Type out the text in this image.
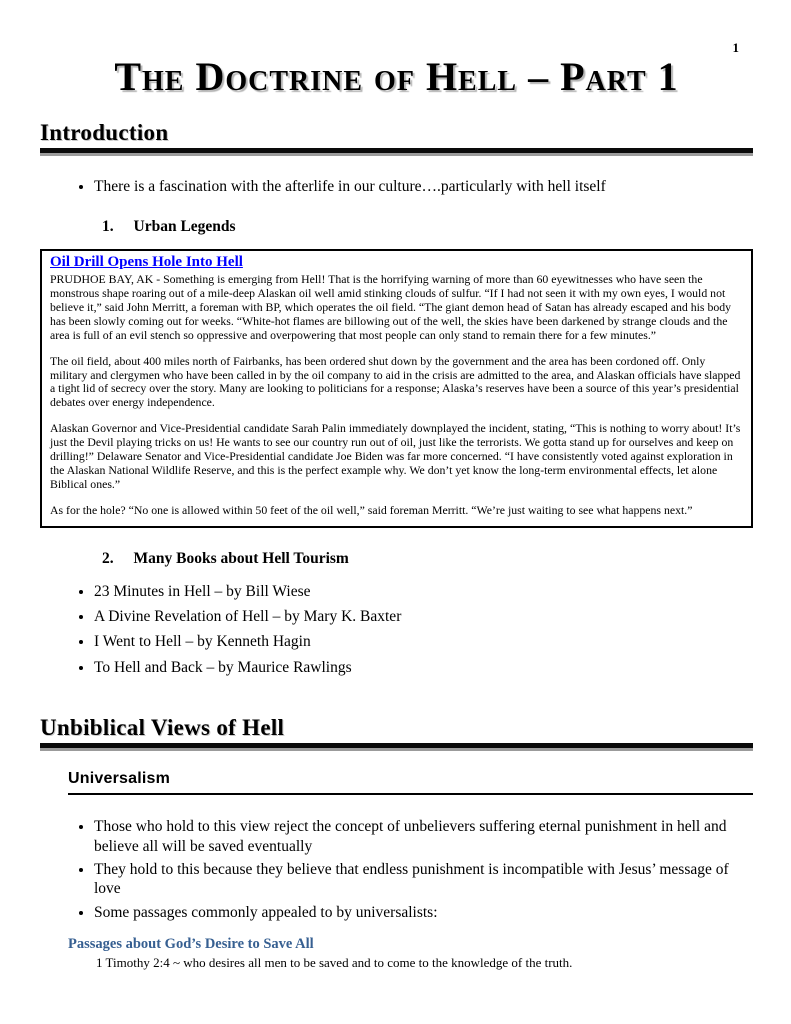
1
The Doctrine of Hell – Part 1
Introduction
• There is a fascination with the afterlife in our culture….particularly with hell itself
1. Urban Legends
Oil Drill Opens Hole Into Hell

PRUDHOE BAY, AK - Something is emerging from Hell! That is the horrifying warning of more than 60 eyewitnesses who have seen the monstrous shape roaring out of a mile-deep Alaskan oil well amid stinking clouds of sulfur. “If I had not seen it with my own eyes, I would not believe it,” said John Merritt, a foreman with BP, which operates the oil field. “The giant demon head of Satan has already escaped and his body has been slowly coming out for weeks. “White-hot flames are billowing out of the well, the skies have been darkened by strange clouds and the area is full of an evil stench so oppressive and overpowering that most people can only stand to remain there for a few minutes.”

The oil field, about 400 miles north of Fairbanks, has been ordered shut down by the government and the area has been cordoned off. Only military and clergymen who have been called in by the oil company to aid in the crisis are admitted to the area, and Alaskan officials have slapped a tight lid of secrecy over the story. Many are looking to politicians for a response; Alaska’s reserves have been a source of this year’s presidential debates over energy independence.

Alaskan Governor and Vice-Presidential candidate Sarah Palin immediately downplayed the incident, stating, “This is nothing to worry about! It’s just the Devil playing tricks on us! He wants to see our country run out of oil, just like the terrorists. We gotta stand up for ourselves and keep on drilling!” Delaware Senator and Vice-Presidential candidate Joe Biden was far more concerned. “I have consistently voted against exploration in the Alaskan National Wildlife Reserve, and this is the perfect example why. We don’t yet know the long-term environmental effects, let alone Biblical ones.”

As for the hole? “No one is allowed within 50 feet of the oil well,” said foreman Merritt. “We’re just waiting to see what happens next.”

2. Many Books about Hell Tourism
• 23 Minutes in Hell – by Bill Wiese
• A Divine Revelation of Hell – by Mary K. Baxter
• I Went to Hell – by Kenneth Hagin
• To Hell and Back – by Maurice Rawlings
Unbiblical Views of Hell
Universalism
• Those who hold to this view reject the concept of unbelievers suffering eternal punishment in hell and believe all will be saved eventually
• They hold to this because they believe that endless punishment is incompatible with Jesus’ message of love
• Some passages commonly appealed to by universalists:
Passages about God’s Desire to Save All
1 Timothy 2:4 ~ who desires all men to be saved and to come to the knowledge of the truth.
